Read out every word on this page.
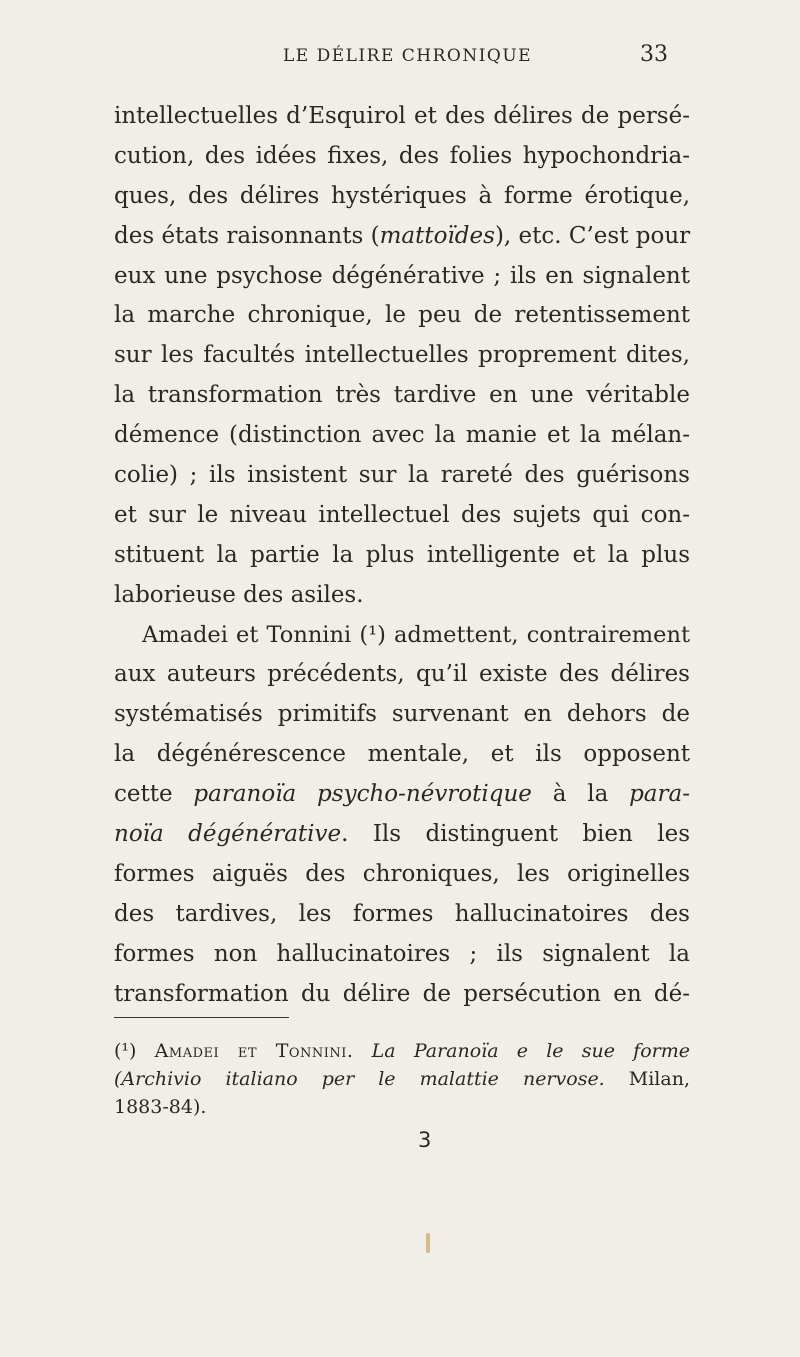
LE DÉLIRE CHRONIQUE	33
intellectuelles d’Esquirol et des délires de persé-
cution, des idées fixes, des folies hypochondria-
ques, des délires hystériques à forme érotique,
des états raisonnants (mattoïdes), etc. C’est pour
eux une psychose dégénérative ; ils en signalent
la marche chronique, le peu de retentissement
sur les facultés intellectuelles proprement dites,
la transformation très tardive en une véritable
démence (distinction avec la manie et la mélan-
colie) ; ils insistent sur la rareté des guérisons
et sur le niveau intellectuel des sujets qui con-
stituent la partie la plus intelligente et la plus
laborieuse des asiles.
Amadei et Tonnini (¹) admettent, contrairement
aux auteurs précédents, qu’il existe des délires
systématisés primitifs survenant en dehors de
la dégénérescence mentale, et ils opposent
cette paranoïa psycho-névrotique à la para-
noïa dégénérative. Ils distinguent bien les
formes aiguës des chroniques, les originelles
des tardives, les formes hallucinatoires des
formes non hallucinatoires ; ils signalent la
transformation du délire de persécution en dé-
(¹) Amadei et Tonnini. La Paranoïa e le sue forme
(Archivio italiano per le malattie nervose. Milan,
1883-84).
3
